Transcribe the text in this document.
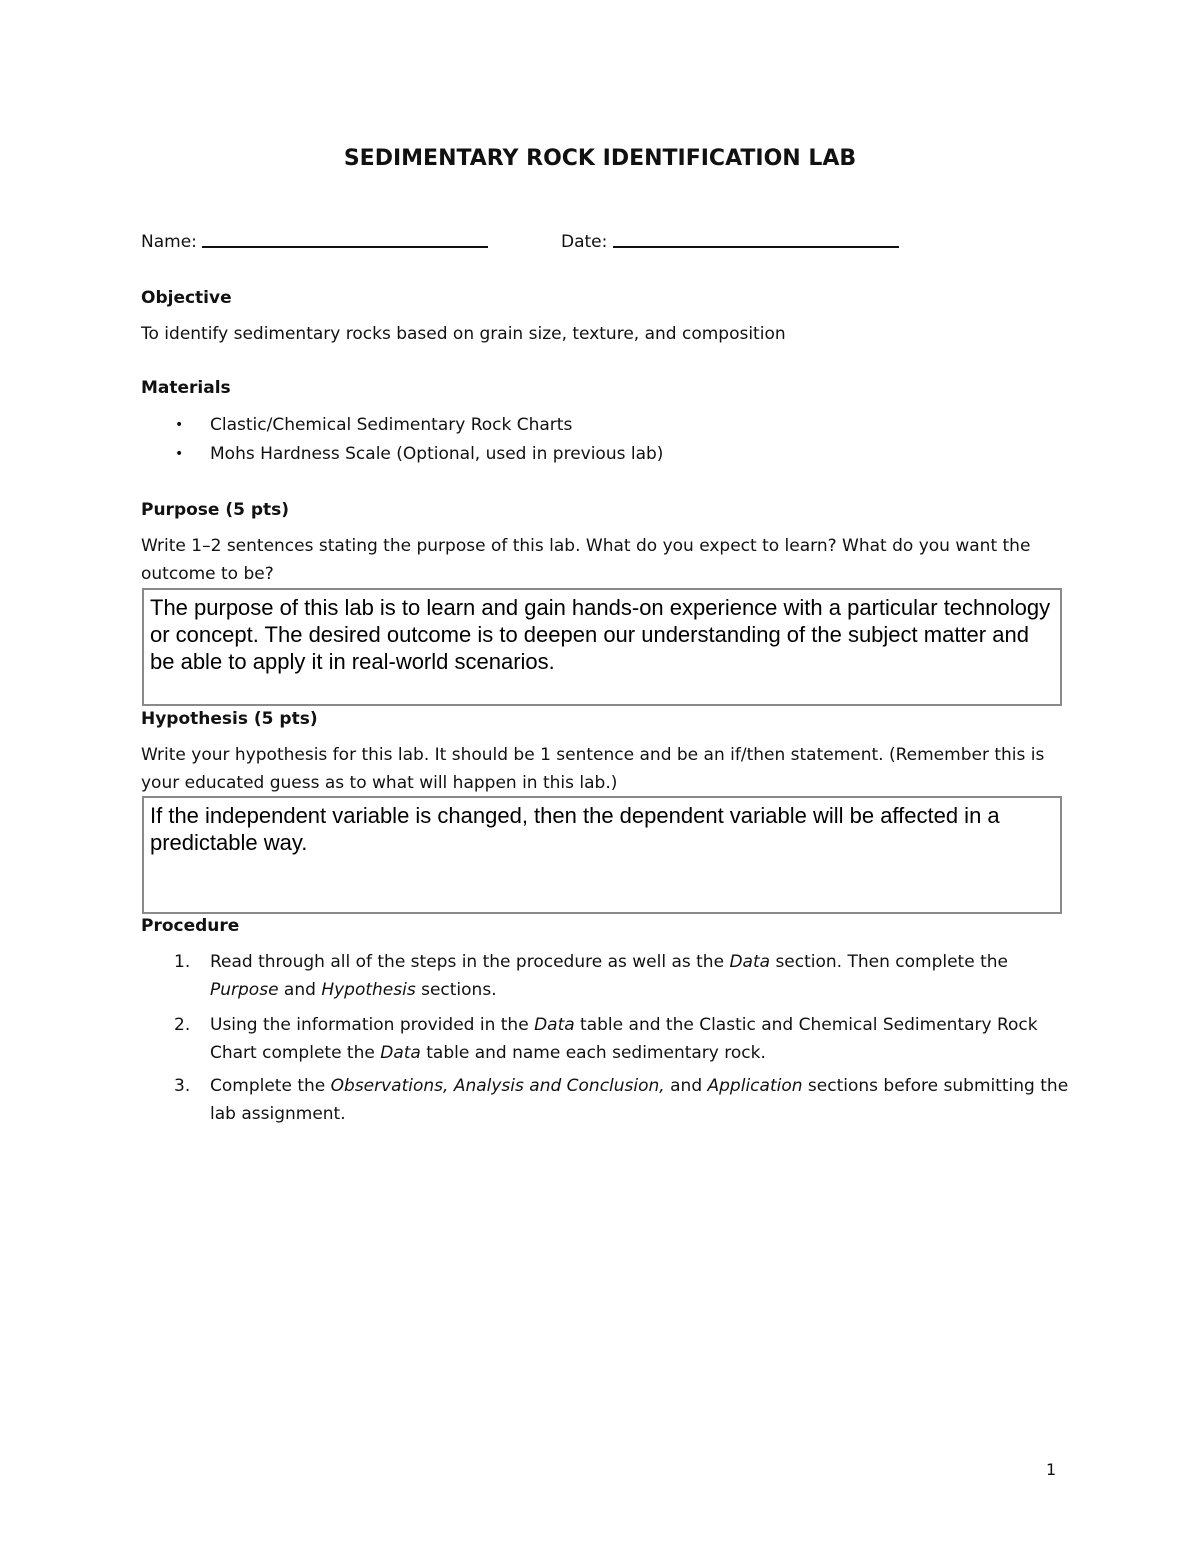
SEDIMENTARY ROCK IDENTIFICATION LAB
Name:	Date:
Objective
To identify sedimentary rocks based on grain size, texture, and composition
Materials
• Clastic/Chemical Sedimentary Rock Charts
• Mohs Hardness Scale (Optional, used in previous lab)
Purpose (5 pts)
Write 1–2 sentences stating the purpose of this lab. What do you expect to learn? What do you want the outcome to be?
The purpose of this lab is to learn and gain hands-on experience with a particular technology or concept. The desired outcome is to deepen our understanding of the subject matter and be able to apply it in real-world scenarios.
Hypothesis (5 pts)
Write your hypothesis for this lab. It should be 1 sentence and be an if/then statement. (Remember this is your educated guess as to what will happen in this lab.)
If the independent variable is changed, then the dependent variable will be affected in a predictable way.
Procedure
1.	Read through all of the steps in the procedure as well as the Data section. Then complete the Purpose and Hypothesis sections.
2.	Using the information provided in the Data table and the Clastic and Chemical Sedimentary Rock Chart complete the Data table and name each sedimentary rock.
3.	Complete the Observations, Analysis and Conclusion, and Application sections before submitting the lab assignment.
1
